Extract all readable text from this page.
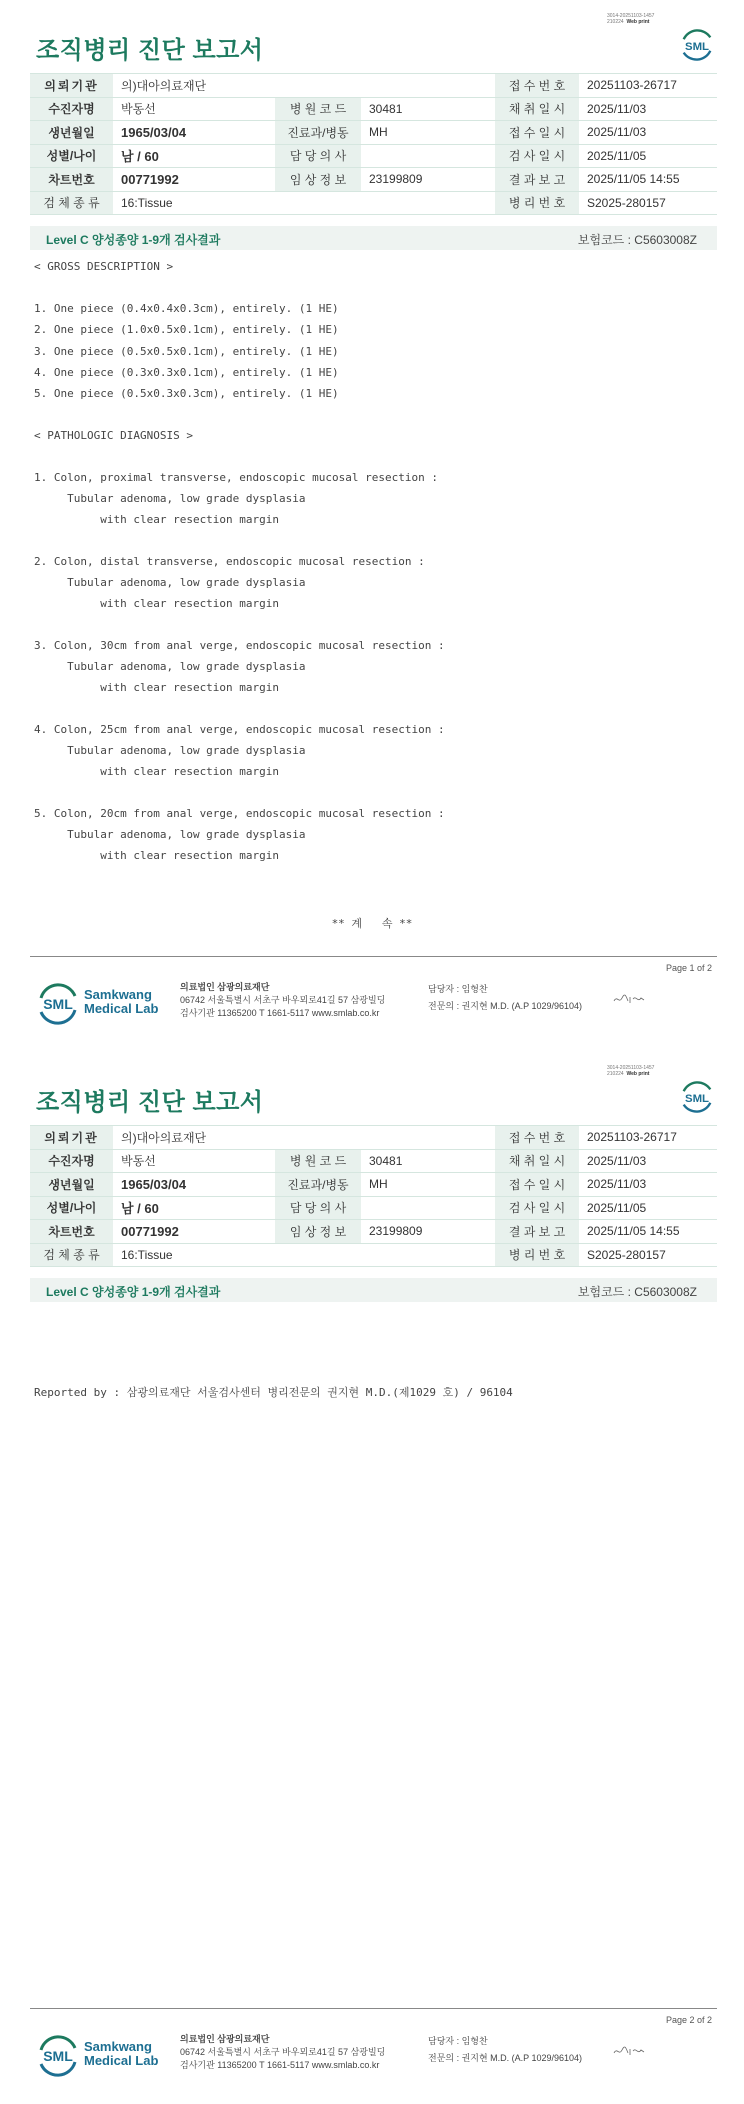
3014-20251103-1457
210224 Web print
조직병리 진단 보고서	SML
의뢰기관	의)대아의료재단			접 수 번 호	20251103-26717
수진자명	박동선	병 원 코 드	30481	채 취 일 시	2025/11/03
생년월일	1965/03/04	진료과/병동	MH	접 수 일 시	2025/11/03
성별/나이	남 / 60	담 당 의 사		검 사 일 시	2025/11/05
차트번호	00771992	임 상 정 보	23199809	결 과 보 고	2025/11/05 14:55
검 체 종 류	16:Tissue			병 리 번 호	S2025-280157
Level C 양성종양 1-9개 검사결과	보험코드 : C5603008Z
< GROSS DESCRIPTION >
1. One piece (0.4x0.4x0.3cm), entirely. (1 HE)
2. One piece (1.0x0.5x0.1cm), entirely. (1 HE)
3. One piece (0.5x0.5x0.1cm), entirely. (1 HE)
4. One piece (0.3x0.3x0.1cm), entirely. (1 HE)
5. One piece (0.5x0.3x0.3cm), entirely. (1 HE)
< PATHOLOGIC DIAGNOSIS >
1. Colon, proximal transverse, endoscopic mucosal resection :
Tubular adenoma, low grade dysplasia
with clear resection margin
2. Colon, distal transverse, endoscopic mucosal resection :
Tubular adenoma, low grade dysplasia
with clear resection margin
3. Colon, 30cm from anal verge, endoscopic mucosal resection :
Tubular adenoma, low grade dysplasia
with clear resection margin
4. Colon, 25cm from anal verge, endoscopic mucosal resection :
Tubular adenoma, low grade dysplasia
with clear resection margin
5. Colon, 20cm from anal verge, endoscopic mucosal resection :
Tubular adenoma, low grade dysplasia
with clear resection margin
** 계   속 **
Page 1 of 2
SML
Samkwang
Medical Lab
의료법인 삼광의료재단
06742 서울특별시 서초구 바우뫼로41길 57 삼광빌딩
검사기관 11365200 T 1661-5117 www.smlab.co.kr
담당자 : 임형찬
전문의 : 권지현 M.D. (A.P 1029/96104)
3014-20251103-1457
210224 Web print
조직병리 진단 보고서	SML
의뢰기관	의)대아의료재단			접 수 번 호	20251103-26717
수진자명	박동선	병 원 코 드	30481	채 취 일 시	2025/11/03
생년월일	1965/03/04	진료과/병동	MH	접 수 일 시	2025/11/03
성별/나이	남 / 60	담 당 의 사		검 사 일 시	2025/11/05
차트번호	00771992	임 상 정 보	23199809	결 과 보 고	2025/11/05 14:55
검 체 종 류	16:Tissue			병 리 번 호	S2025-280157
Level C 양성종양 1-9개 검사결과	보험코드 : C5603008Z
Reported by : 삼광의료재단 서울검사센터 병리전문의 권지현 M.D.(제1029 호) / 96104
Page 2 of 2
SML
Samkwang
Medical Lab
의료법인 삼광의료재단
06742 서울특별시 서초구 바우뫼로41길 57 삼광빌딩
검사기관 11365200 T 1661-5117 www.smlab.co.kr
담당자 : 임형찬
전문의 : 권지현 M.D. (A.P 1029/96104)
